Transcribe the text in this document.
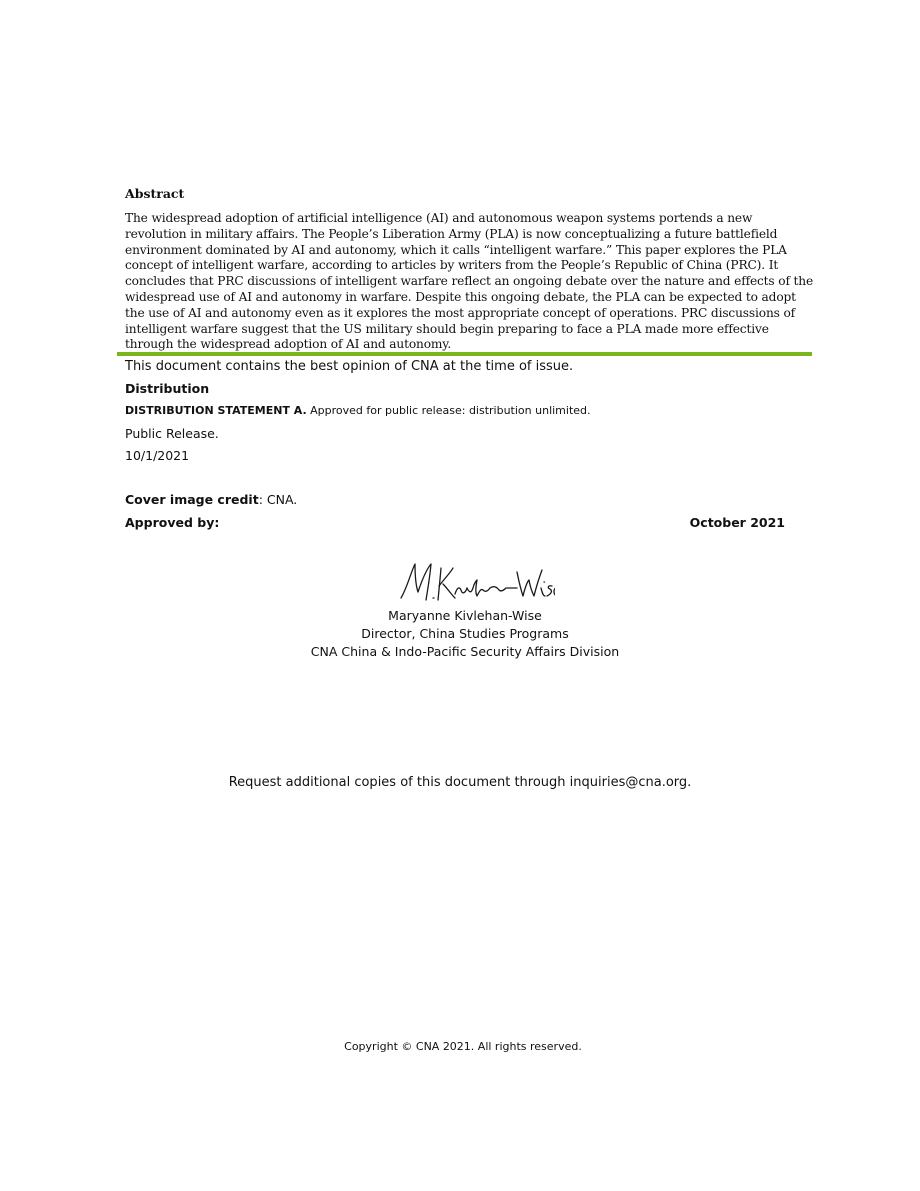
Abstract
The widespread adoption of artificial intelligence (AI) and autonomous weapon systems portends a new revolution in military affairs. The People’s Liberation Army (PLA) is now conceptualizing a future battlefield environment dominated by AI and autonomy, which it calls “intelligent warfare.” This paper explores the PLA concept of intelligent warfare, according to articles by writers from the People’s Republic of China (PRC). It concludes that PRC discussions of intelligent warfare reflect an ongoing debate over the nature and effects of the widespread use of AI and autonomy in warfare. Despite this ongoing debate, the PLA can be expected to adopt the use of AI and autonomy even as it explores the most appropriate concept of operations. PRC discussions of intelligent warfare suggest that the US military should begin preparing to face a PLA made more effective through the widespread adoption of AI and autonomy.
This document contains the best opinion of CNA at the time of issue.
Distribution
DISTRIBUTION STATEMENT A. Approved for public release: distribution unlimited.
Public Release.
10/1/2021
Cover image credit: CNA.
Approved by:	October 2021
Maryanne Kivlehan-Wise
Director, China Studies Programs
CNA China & Indo-Pacific Security Affairs Division
Request additional copies of this document through inquiries@cna.org.
Copyright © CNA 2021. All rights reserved.
